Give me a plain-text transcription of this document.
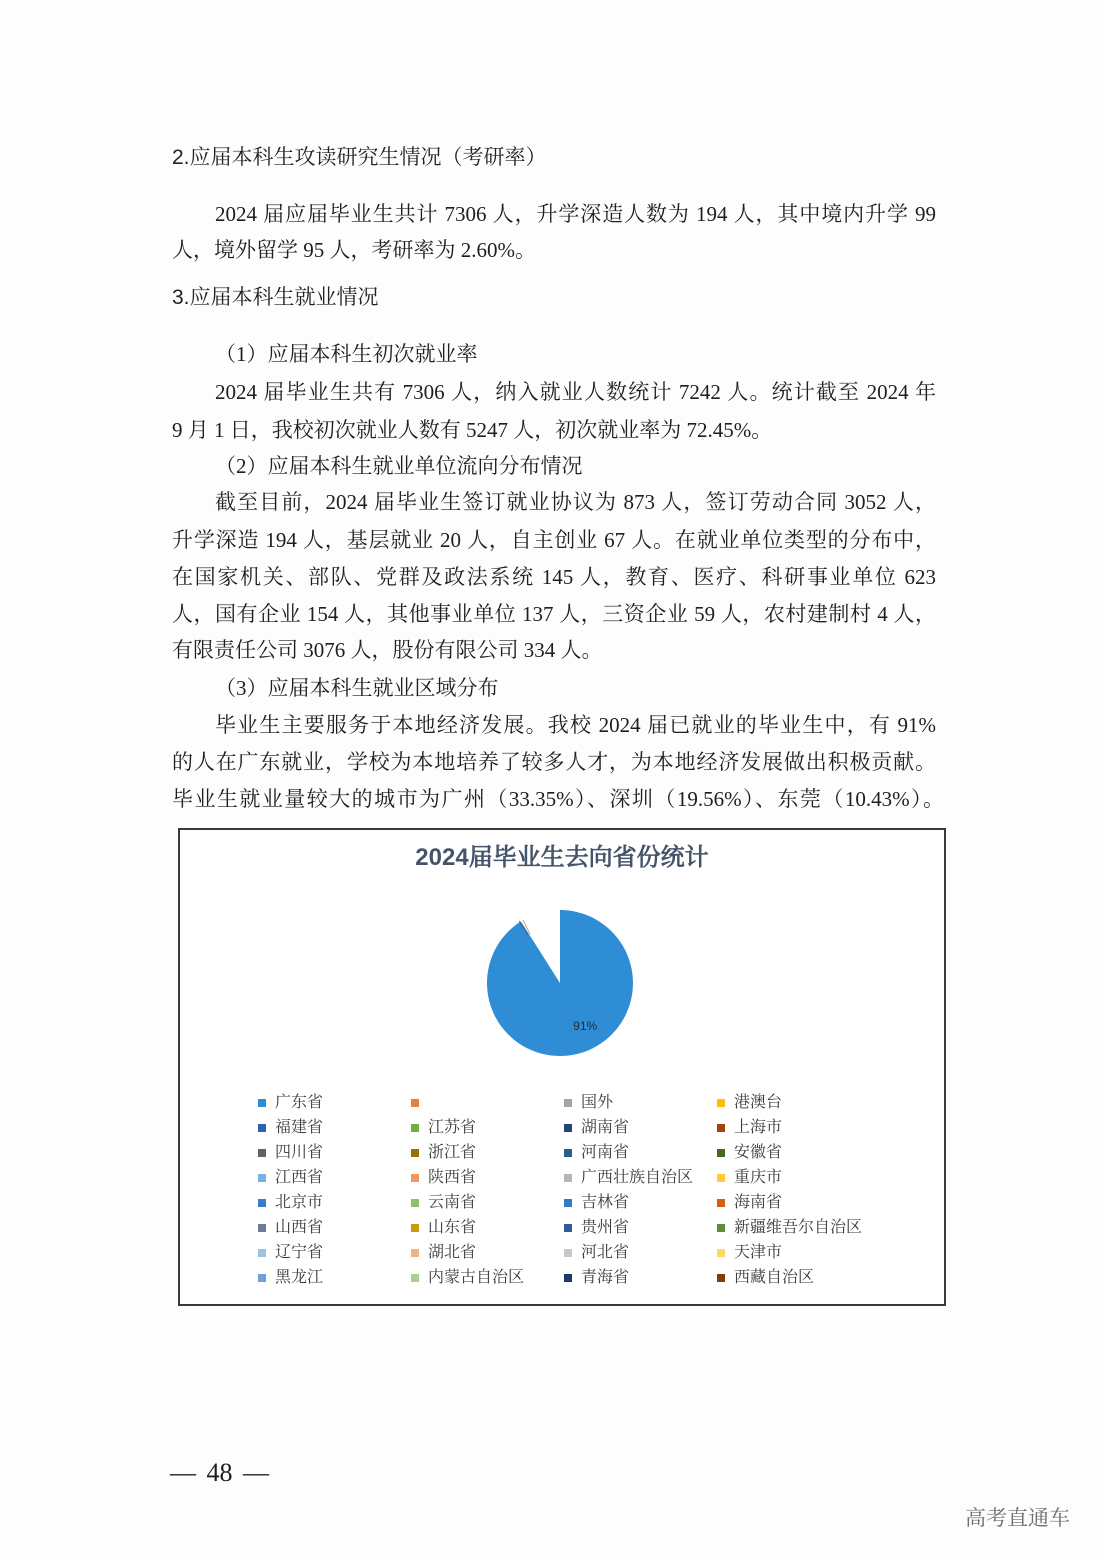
2.应届本科生攻读研究生情况（考研率）
2024 届应届毕业生共计 7306 人，升学深造人数为 194 人，其中境内升学 99
人，境外留学 95 人，考研率为 2.60%。
3.应届本科生就业情况
（1）应届本科生初次就业率
2024 届毕业生共有 7306 人，纳入就业人数统计 7242 人。统计截至 2024 年
9 月 1 日，我校初次就业人数有 5247 人，初次就业率为 72.45%。
（2）应届本科生就业单位流向分布情况
截至目前，2024 届毕业生签订就业协议为 873 人，签订劳动合同 3052 人，
升学深造 194 人，基层就业 20 人，自主创业 67 人。在就业单位类型的分布中，
在国家机关、部队、党群及政法系统 145 人，教育、医疗、科研事业单位 623
人，国有企业 154 人，其他事业单位 137 人，三资企业 59 人，农村建制村 4 人，
有限责任公司 3076 人，股份有限公司 334 人。
（3）应届本科生就业区域分布
毕业生主要服务于本地经济发展。我校 2024 届已就业的毕业生中，有 91%
的人在广东就业，学校为本地培养了较多人才，为本地经济发展做出积极贡献。
毕业生就业量较大的城市为广州（33.35%）、深圳（19.56%）、东莞（10.43%）。
2024届毕业生去向省份统计
91%
广东省	国外	港澳台
福建省	江苏省	湖南省	上海市
四川省	浙江省	河南省	安徽省
江西省	陕西省	广西壮族自治区	重庆市
北京市	云南省	吉林省	海南省
山西省	山东省	贵州省	新疆维吾尔自治区
辽宁省	湖北省	河北省	天津市
黑龙江	内蒙古自治区	青海省	西藏自治区
— 48 —
高考直通车
